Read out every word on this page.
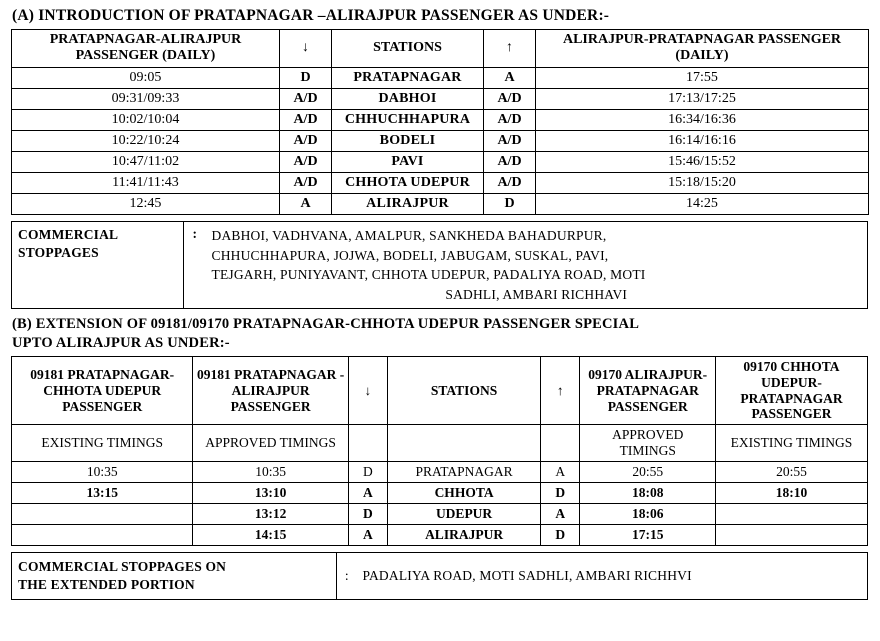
(A) INTRODUCTION OF PRATAPNAGAR –ALIRAJPUR PASSENGER AS UNDER:-
PRATAPNAGAR-ALIRAJPUR PASSENGER (DAILY)	↓	STATIONS	↑	ALIRAJPUR-PRATAPNAGAR PASSENGER (DAILY)
09:05	D	PRATAPNAGAR	A	17:55
09:31/09:33	A/D	DABHOI	A/D	17:13/17:25
10:02/10:04	A/D	CHHUCHHAPURA	A/D	16:34/16:36
10:22/10:24	A/D	BODELI	A/D	16:14/16:16
10:47/11:02	A/D	PAVI	A/D	15:46/15:52
11:41/11:43	A/D	CHHOTA UDEPUR	A/D	15:18/15:20
12:45	A	ALIRAJPUR	D	14:25
COMMERCIAL
STOPPAGES
	:	DABHOI, VADHVANA, AMALPUR, SANKHEDA BAHADURPUR,
CHHUCHHAPURA, JOJWA, BODELI, JABUGAM, SUSKAL, PAVI,
TEJGARH, PUNIYAVANT, CHHOTA UDEPUR, PADALIYA ROAD, MOTI
SADHLI, AMBARI RICHHAVI
(B) EXTENSION OF 09181/09170 PRATAPNAGAR-CHHOTA UDEPUR PASSENGER SPECIAL
UPTO ALIRAJPUR AS UNDER:-
09181 PRATAPNAGAR-CHHOTA UDEPUR PASSENGER	09181 PRATAPNAGAR -ALIRAJPUR PASSENGER	↓	STATIONS	↑	09170 ALIRAJPUR-PRATAPNAGAR PASSENGER	09170 CHHOTA UDEPUR-PRATAPNAGAR PASSENGER
EXISTING TIMINGS	APPROVED TIMINGS				APPROVED TIMINGS	EXISTING TIMINGS
10:35	10:35	D	PRATAPNAGAR	A	20:55	20:55
13:15	13:10	A	CHHOTA	D	18:08	18:10
	13:12	D	UDEPUR	A	18:06	
	14:15	A	ALIRAJPUR	D	17:15	
COMMERCIAL STOPPAGES ON
THE EXTENDED PORTION
	:	PADALIYA ROAD, MOTI SADHLI, AMBARI RICHHVI
